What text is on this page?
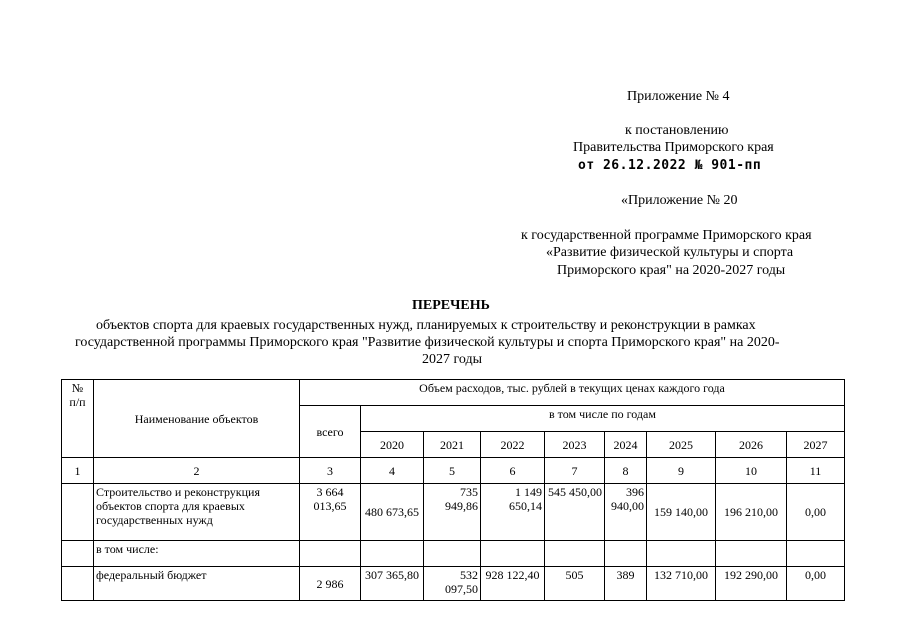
Приложение № 4
к постановлению
Правительства Приморского края
от 26.12.2022 № 901-пп
«Приложение № 20
к государственной программе Приморского края
«Развитие физической культуры и спорта
Приморского края" на 2020-2027 годы
ПЕРЕЧЕНЬ
объектов спорта для краевых государственных нужд, планируемых к строительству и реконструкции в рамках
государственной программы Приморского края "Развитие физической культуры и спорта Приморского края" на 2020-
2027 годы
№
п/п	Наименование объектов	Объем расходов, тыс. рублей в текущих ценах каждого года								
		всего	в том числе по годам							
			2020	2021	2022	2023	2024	2025	2026	2027
1	2	3	4	5	6	7	8	9	10	11
	Строительство и реконструкция объектов спорта для краевых государственных нужд	3 664 013,65	480 673,65	735 949,86	1 149 650,14	545 450,00	396 940,00	159 140,00	196 210,00	0,00
	в том числе:									
	федеральный бюджет	2 986	307 365,80	532 097,50	928 122,40	505	389	132 710,00	192 290,00	0,00
